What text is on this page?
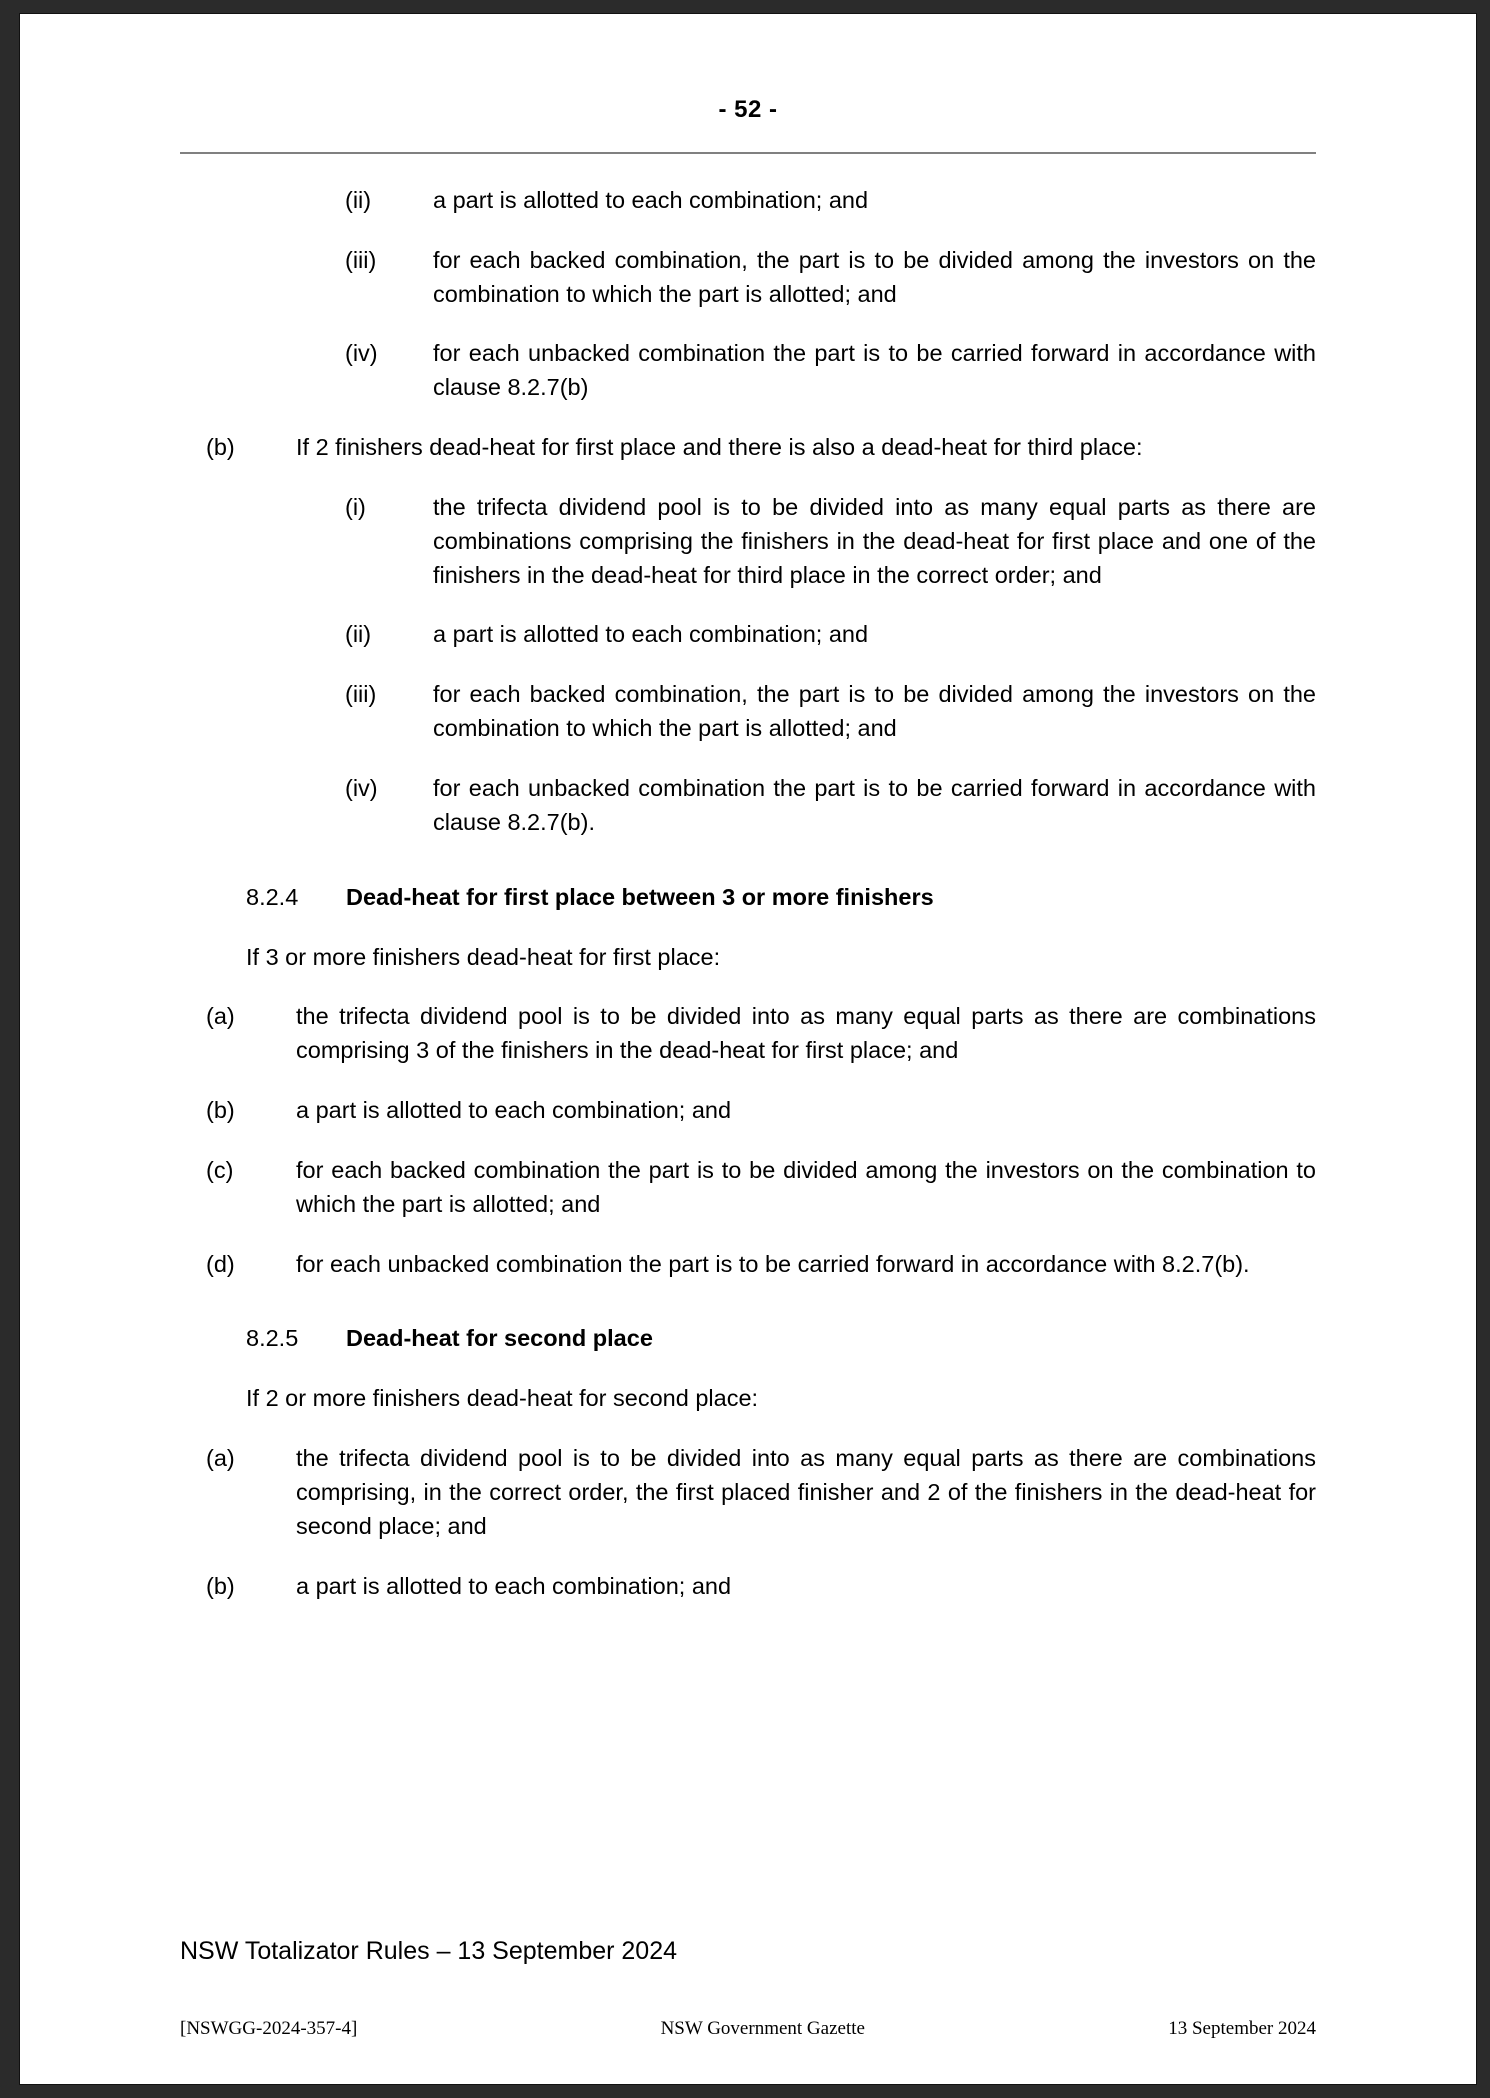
- 52 -
(ii)	a part is allotted to each combination; and
(iii)	for each backed combination, the part is to be divided among the investors on the combination to which the part is allotted; and
(iv)	for each unbacked combination the part is to be carried forward in accordance with clause 8.2.7(b)
(b)	If 2 finishers dead-heat for first place and there is also a dead-heat for third place:
(i)	the trifecta dividend pool is to be divided into as many equal parts as there are combinations comprising the finishers in the dead-heat for first place and one of the finishers in the dead-heat for third place in the correct order; and
(ii)	a part is allotted to each combination; and
(iii)	for each backed combination, the part is to be divided among the investors on the combination to which the part is allotted; and
(iv)	for each unbacked combination the part is to be carried forward in accordance with clause 8.2.7(b).
8.2.4	Dead-heat for first place between 3 or more finishers
If 3 or more finishers dead-heat for first place:
(a)	the trifecta dividend pool is to be divided into as many equal parts as there are combinations comprising 3 of the finishers in the dead-heat for first place; and
(b)	a part is allotted to each combination; and
(c)	for each backed combination the part is to be divided among the investors on the combination to which the part is allotted; and
(d)	for each unbacked combination the part is to be carried forward in accordance with 8.2.7(b).
8.2.5	Dead-heat for second place
If 2 or more finishers dead-heat for second place:
(a)	the trifecta dividend pool is to be divided into as many equal parts as there are combinations comprising, in the correct order, the first placed finisher and 2 of the finishers in the dead-heat for second place; and
(b)	a part is allotted to each combination; and
NSW Totalizator Rules – 13 September 2024
[NSWGG-2024-357-4]	NSW Government Gazette	13 September 2024
